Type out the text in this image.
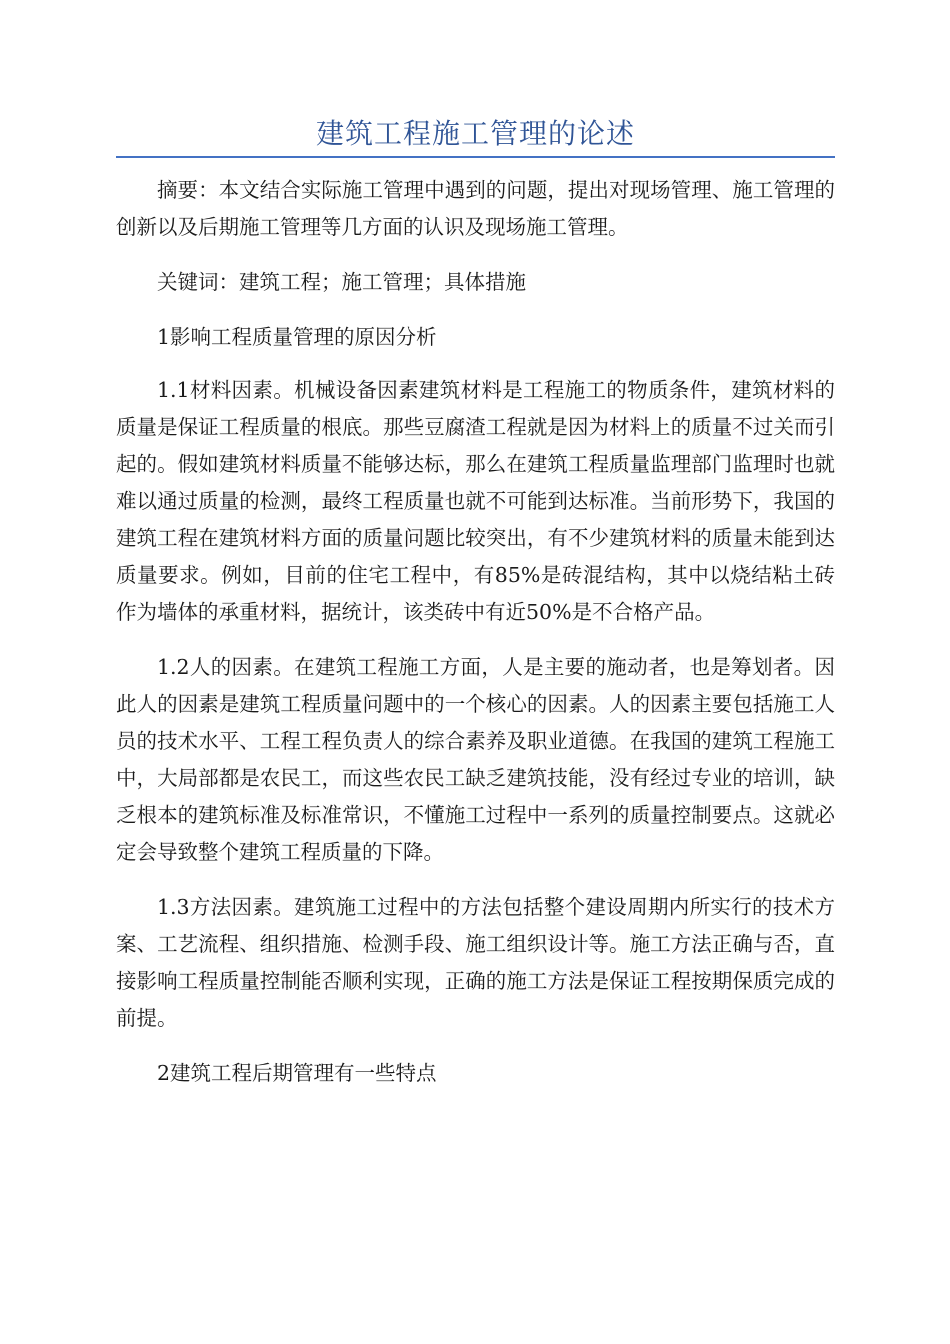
建筑工程施工管理的论述

摘要：本文结合实际施工管理中遇到的问题，提出对现场管理、施工管理的创新以及后期施工管理等几方面的认识及现场施工管理。

关键词：建筑工程；施工管理；具体措施

1影响工程质量管理的原因分析

1.1材料因素。机械设备因素建筑材料是工程施工的物质条件，建筑材料的质量是保证工程质量的根底。那些豆腐渣工程就是因为材料上的质量不过关而引起的。假如建筑材料质量不能够达标，那么在建筑工程质量监理部门监理时也就难以通过质量的检测，最终工程质量也就不可能到达标准。当前形势下，我国的建筑工程在建筑材料方面的质量问题比较突出，有不少建筑材料的质量未能到达质量要求。例如，目前的住宅工程中，有85%是砖混结构，其中以烧结粘土砖作为墙体的承重材料，据统计，该类砖中有近50%是不合格产品。

1.2人的因素。在建筑工程施工方面，人是主要的施动者，也是筹划者。因此人的因素是建筑工程质量问题中的一个核心的因素。人的因素主要包括施工人员的技术水平、工程工程负责人的综合素养及职业道德。在我国的建筑工程施工中，大局部都是农民工，而这些农民工缺乏建筑技能，没有经过专业的培训，缺乏根本的建筑标准及标准常识，不懂施工过程中一系列的质量控制要点。这就必定会导致整个建筑工程质量的下降。

1.3方法因素。建筑施工过程中的方法包括整个建设周期内所实行的技术方案、工艺流程、组织措施、检测手段、施工组织设计等。施工方法正确与否，直接影响工程质量控制能否顺利实现，正确的施工方法是保证工程按期保质完成的前提。

2建筑工程后期管理有一些特点
